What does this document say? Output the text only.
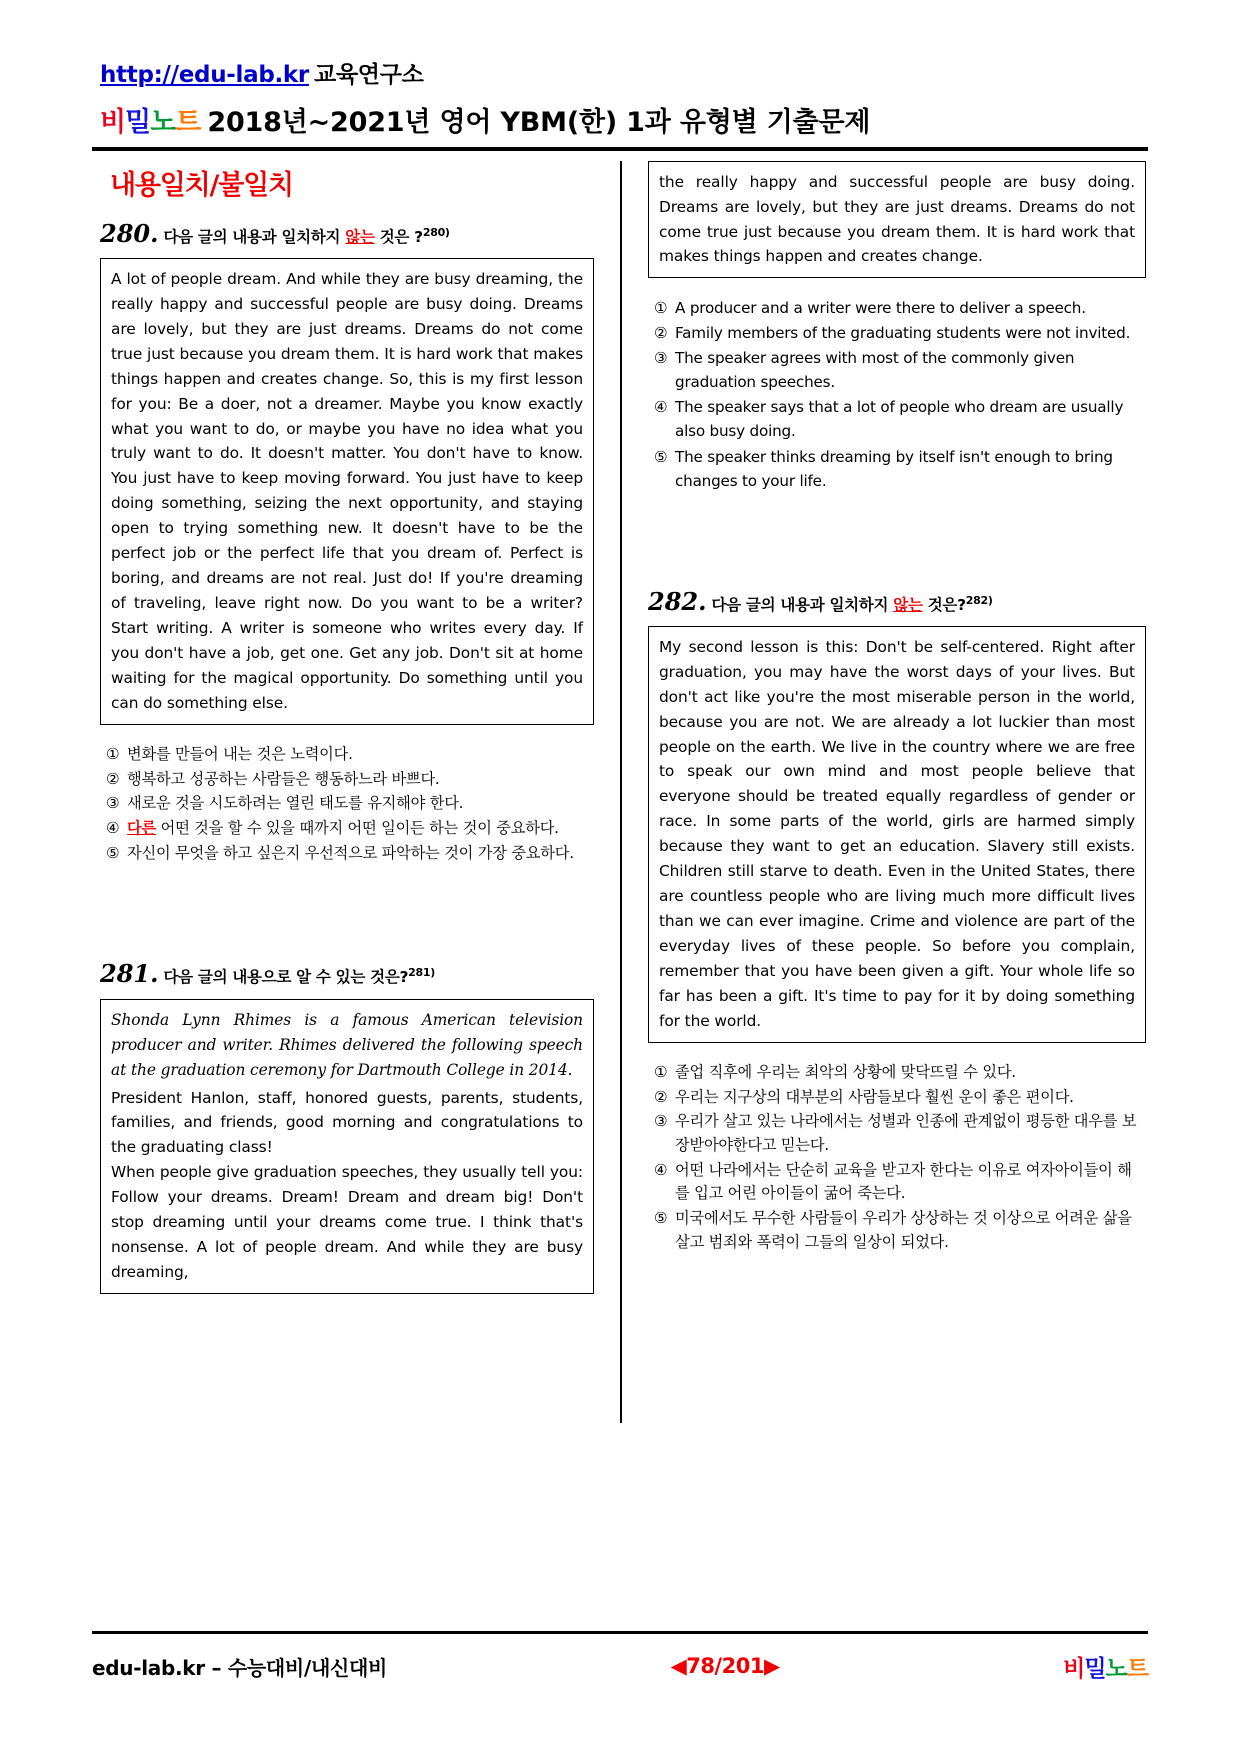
http://edu-lab.kr 교육연구소
비밀노트 2018년~2021년 영어 YBM(한) 1과 유형별 기출문제
내용일치/불일치
280. 다음 글의 내용과 일치하지 않는 것은 ?$^{280)}$

A lot of people dream. And while they are busy dreaming, the really happy and successful people are busy doing. Dreams are lovely, but they are just dreams. Dreams do not come true just because you dream them. It is hard work that makes things happen and creates change. So, this is my first lesson for you: Be a doer, not a dreamer. Maybe you know exactly what you want to do, or maybe you have no idea what you truly want to do. It doesn't matter. You don't have to know. You just have to keep moving forward. You just have to keep doing something, seizing the next opportunity, and staying open to trying something new. It doesn't have to be the perfect job or the perfect life that you dream of. Perfect is boring, and dreams are not real. Just do! If you're dreaming of traveling, leave right now. Do you want to be a writer? Start writing. A writer is someone who writes every day. If you don't have a job, get one. Get any job. Don't sit at home waiting for the magical opportunity. Do something until you can do something else.

① 변화를 만들어 내는 것은 노력이다.
② 행복하고 성공하는 사람들은 행동하느라 바쁘다.
③ 새로운 것을 시도하려는 열린 태도를 유지해야 한다.
④ 다른 어떤 것을 할 수 있을 때까지 어떤 일이든 하는 것이 중요하다.
⑤ 자신이 무엇을 하고 싶은지 우선적으로 파악하는 것이 가장 중요하다.
281. 다음 글의 내용으로 알 수 있는 것은?$^{281)}$
Shonda Lynn Rhimes is a famous American television producer and writer. Rhimes delivered the following speech at the graduation ceremony for Dartmouth College in 2014.
President Hanlon, staff, honored guests, parents, students, families, and friends, good morning and congratulations to the graduating class!
When people give graduation speeches, they usually tell you: Follow your dreams. Dream! Dream and dream big! Don't stop dreaming until your dreams come true. I think that's nonsense. A lot of people dream. And while they are busy dreaming,

the really happy and successful people are busy doing. Dreams are lovely, but they are just dreams. Dreams do not come true just because you dream them. It is hard work that makes things happen and creates change.

① A producer and a writer were there to deliver a speech.
② Family members of the graduating students were not invited.
③ The speaker agrees with most of the commonly given graduation speeches.
④ The speaker says that a lot of people who dream are usually also busy doing.
⑤ The speaker thinks dreaming by itself isn't enough to bring changes to your life.
282. 다음 글의 내용과 일치하지 않는 것은?$^{282)}$

My second lesson is this: Don't be self-centered. Right after graduation, you may have the worst days of your lives. But don't act like you're the most miserable person in the world, because you are not. We are already a lot luckier than most people on the earth. We live in the country where we are free to speak our own mind and most people believe that everyone should be treated equally regardless of gender or race. In some parts of the world, girls are harmed simply because they want to get an education. Slavery still exists. Children still starve to death. Even in the United States, there are countless people who are living much more difficult lives than we can ever imagine. Crime and violence are part of the everyday lives of these people. So before you complain, remember that you have been given a gift. Your whole life so far has been a gift. It's time to pay for it by doing something for the world.

① 졸업 직후에 우리는 최악의 상황에 맞닥뜨릴 수 있다.
② 우리는 지구상의 대부분의 사람들보다 훨씬 운이 좋은 편이다.
③ 우리가 살고 있는 나라에서는 성별과 인종에 관계없이 평등한 대우를 보장받아야한다고 믿는다.
④ 어떤 나라에서는 단순히 교육을 받고자 한다는 이유로 여자아이들이 해를 입고 어린 아이들이 굶어 죽는다.
⑤ 미국에서도 무수한 사람들이 우리가 상상하는 것 이상으로 어려운 삶을 살고 범죄와 폭력이 그들의 일상이 되었다.
edu-lab.kr – 수능대비/내신대비	◀78/201▶	비밀노트
